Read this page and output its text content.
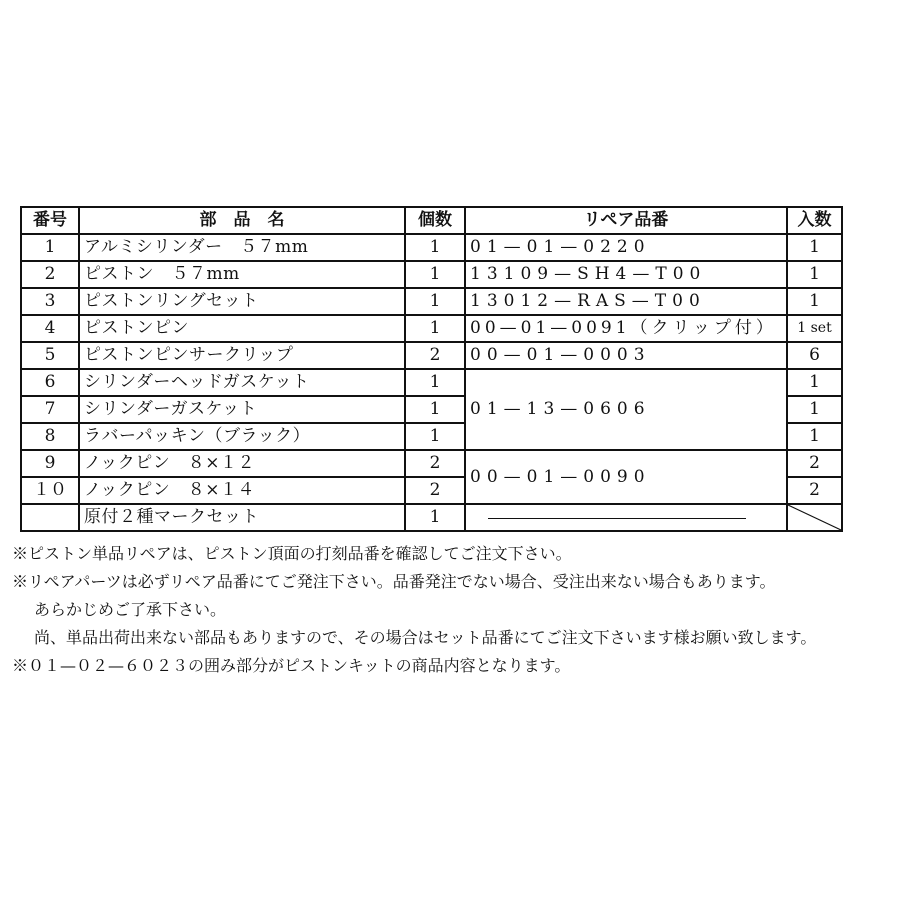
番号	部　品　名	個数	リペア品番	入数
1	アルミシリンダー　５７mm	1	01—01—0220	1
2	ピストン　５７mm	1	13109—SH4—T00	1
3	ピストンリングセット	1	13012—RAS—T00	1
4	ピストンピン	1	00—01—0091（クリップ付）	1 set
5	ピストンピンサークリップ	2	00—01—0003	6
6	シリンダーヘッドガスケット	1	01—13—0606	1
7	シリンダーガスケット	1		1
8	ラバーパッキン（ブラック）	1		1
9	ノックピン　８×１２	2	00—01—0090	2
１０	ノックピン　８×１４	2		2
	原付２種マークセット	1	

※ピストン単品リペアは、ピストン頂面の打刻品番を確認してご注文下さい。
※リペアパーツは必ずリペア品番にてご発注下さい。品番発注でない場合、受注出来ない場合もあります。
あらかじめご了承下さい。
尚、単品出荷出来ない部品もありますので、その場合はセット品番にてご注文下さいます様お願い致します。
※０１—０２—６０２３の囲み部分がピストンキットの商品内容となります。
